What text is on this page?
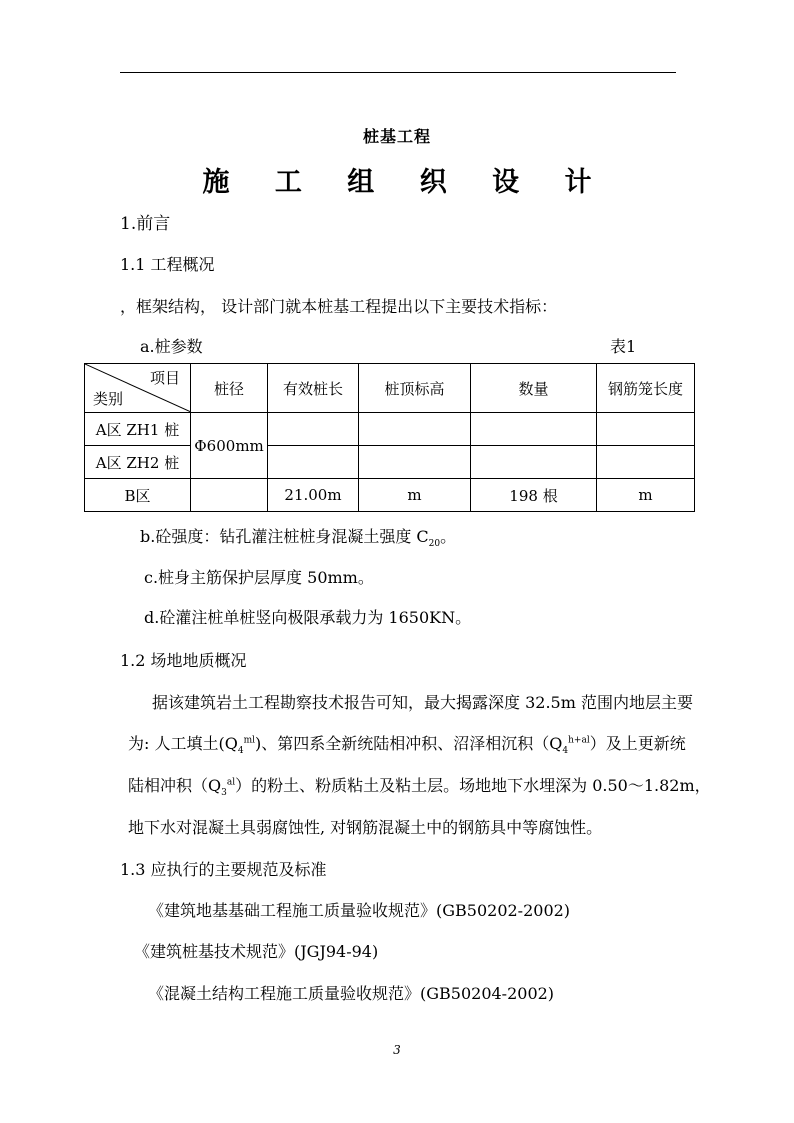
桩基工程
施 工 组 织 设 计
1.前言
1.1 工程概况
，框架结构， 设计部门就本桩基工程提出以下主要技术指标：
a.桩参数	表1
项目
类别	桩径	有效桩长	桩顶标高	数量	钢筋笼长度
A区 ZH1 桩	Ф600mm				
A区 ZH2 桩					
B区		21.00m	m	198 根	m
b.砼强度：钻孔灌注桩桩身混凝土强度 $C_{20}$。
c.桩身主筋保护层厚度 50mm。
d.砼灌注桩单桩竖向极限承载力为 1650KN。
1.2 场地地质概况
据该建筑岩土工程勘察技术报告可知，最大揭露深度 32.5m 范围内地层主要
为: 人工填土$(Q_4^{ml})$、第四系全新统陆相冲积、沼泽相沉积$(Q_4^{h+al})$及上更新统
陆相冲积$(Q_3^{al})$的粉土、粉质粘土及粘土层。场地地下水埋深为 0.50～1.82m，
地下水对混凝土具弱腐蚀性, 对钢筋混凝土中的钢筋具中等腐蚀性。
1.3 应执行的主要规范及标准
《建筑地基基础工程施工质量验收规范》(GB50202-2002)
《建筑桩基技术规范》(JGJ94-94)
《混凝土结构工程施工质量验收规范》(GB50204-2002)
3
